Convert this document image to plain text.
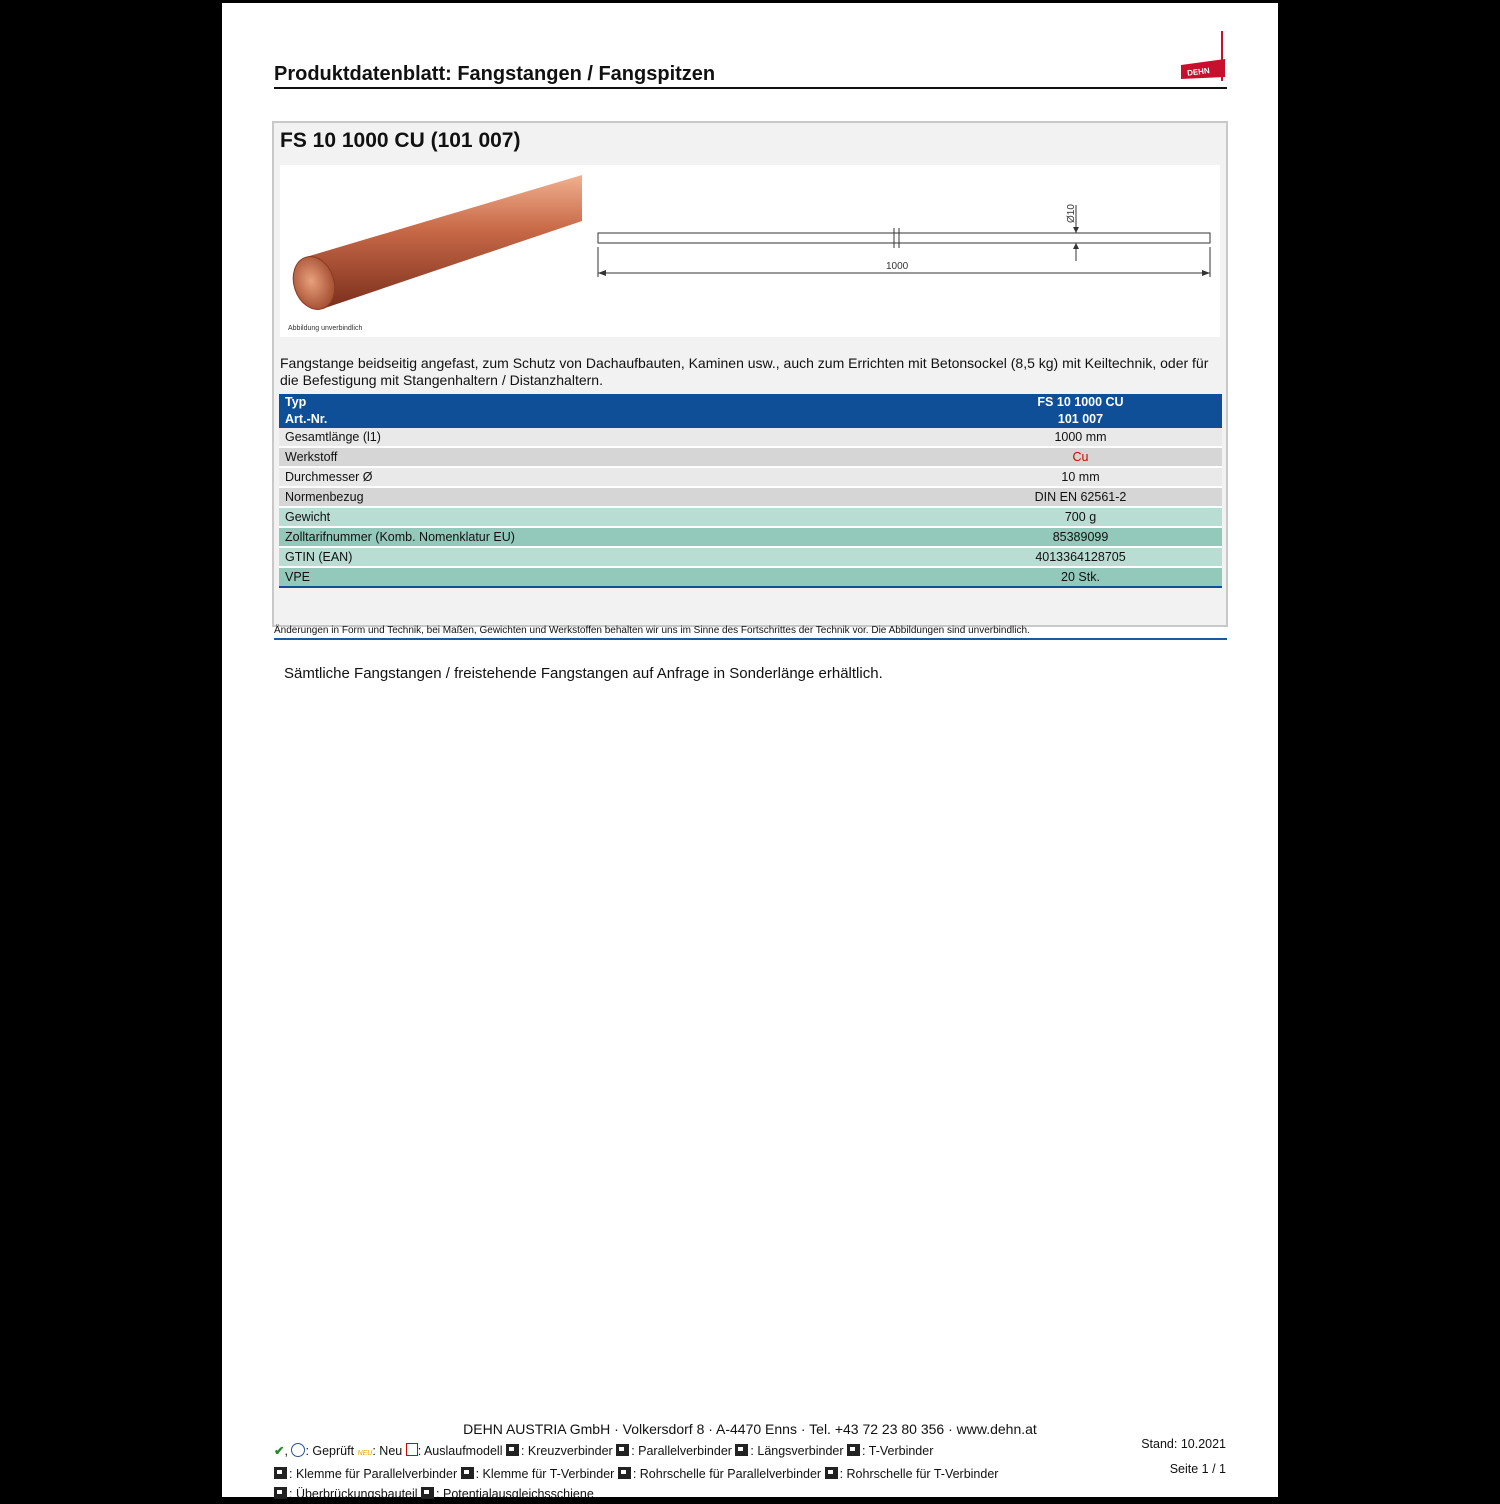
Produktdatenblatt: Fangstangen / Fangspitzen	DEHN
FS 10 1000 CU (101 007)
Abbildung unverbindlich
Ø10
1000
Fangstange beidseitig angefast, zum Schutz von Dachaufbauten, Kaminen usw., auch zum Errichten mit Betonsockel (8,5 kg) mit Keiltechnik, oder für die Befestigung mit Stangenhaltern / Distanzhaltern.
Typ	FS 10 1000 CU
Art.-Nr.	101 007
Gesamtlänge (l1)	1000 mm
Werkstoff	Cu
Durchmesser Ø	10 mm
Normenbezug	DIN EN 62561-2
Gewicht	700 g
Zolltarifnummer (Komb. Nomenklatur EU)	85389099
GTIN (EAN)	4013364128705
VPE	20 Stk.
Änderungen in Form und Technik, bei Maßen, Gewichten und Werkstoffen behalten wir uns im Sinne des Fortschrittes der Technik vor. Die Abbildungen sind unverbindlich.
Sämtliche Fangstangen / freistehende Fangstangen auf Anfrage in Sonderlänge erhältlich.
DEHN AUSTRIA GmbH · Volkersdorf 8 · A-4470 Enns · Tel. +43 72 23 80 356 · www.dehn.at
✔, : Geprüft NEU: Neu : Auslaufmodell : Kreuzverbinder : Parallelverbinder : Längsverbinder : T-Verbinder
: Klemme für Parallelverbinder : Klemme für T-Verbinder : Rohrschelle für Parallelverbinder : Rohrschelle für T-Verbinder
: Überbrückungsbauteil : Potentialausgleichsschiene
Stand: 10.2021
Seite 1 / 1
